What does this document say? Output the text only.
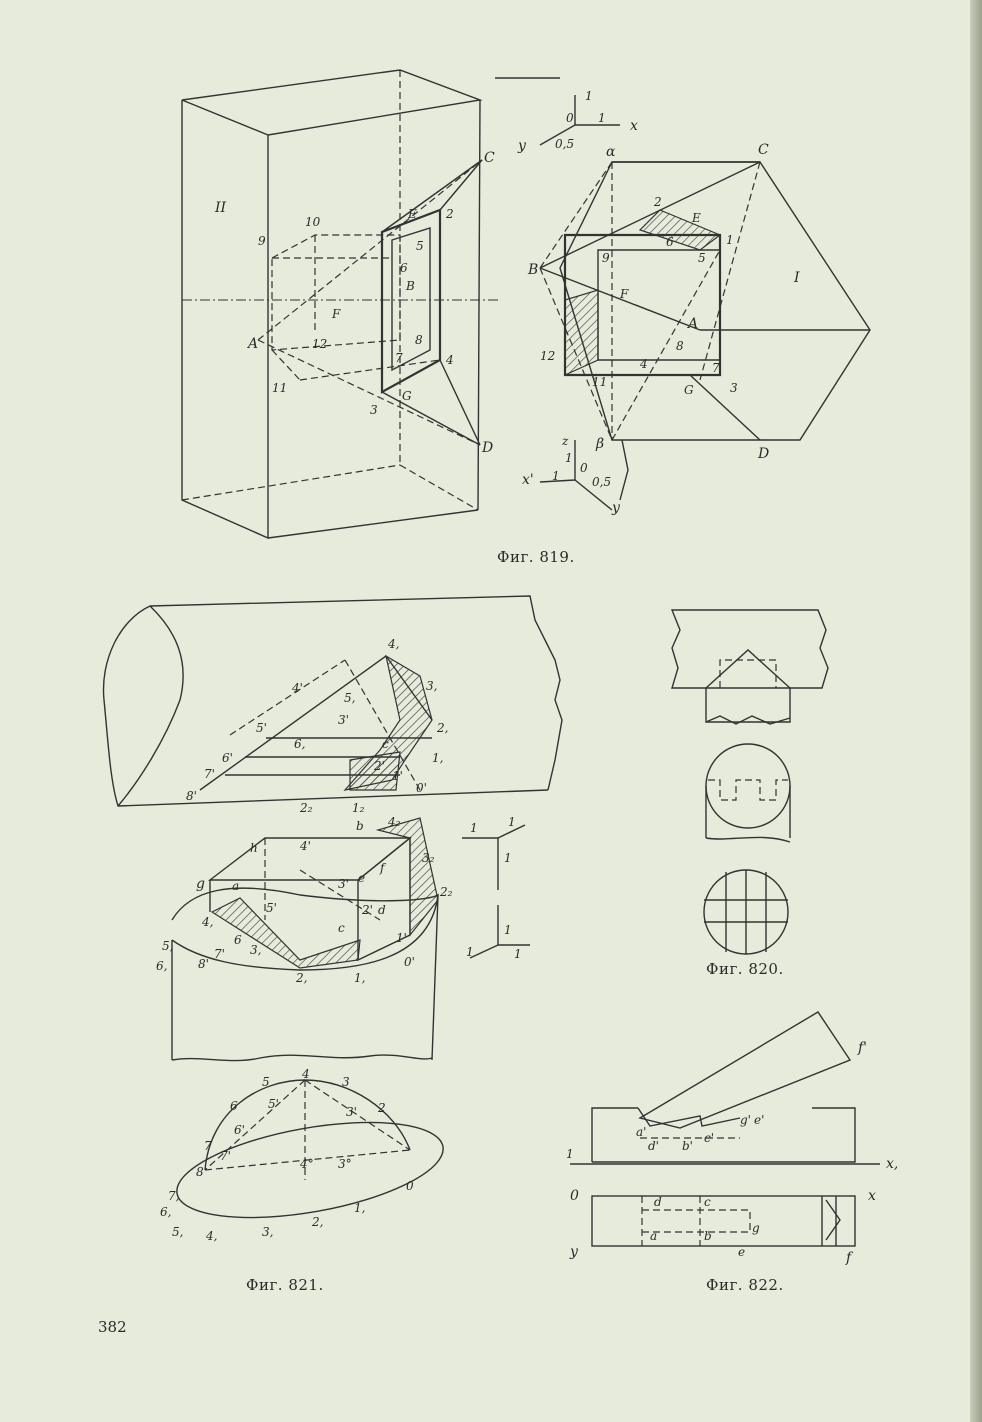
II
I
0
1
1
y
x
0,5
z
1
x' 1
0
0,5
y
9
10
E 2
C
5
6
B
F
A	12	8
7	4
11
G
3
D
α	C
2
E
1
6
B
9	5
F
A
8
12
11
4
G
7
3
D
β
4,
3,
4'
5,
5'
3'
2,
c
6'
6,
1,
2'
7'
8'
1'
0'
2₂	1₂
b 4₂
h	4'
3₂
g a
e
f
3'
2₂
5'	d
2'
4,	c
1'
6
3,
5,
8'
7'
0'
6,
2,	1,
5
4
3
6	5'
3' 2
6'
7
7'
8
4° 3°
0
7,
6,
5, 4,	3,
2,
1,
1	1
1
1
1	1
f'
a'
d' b'
c'
g' e'
1
x,
0	x
d	c
a	b
g
e
y	f
Фиг. 819.
Фиг. 820.
Фиг. 821.	Фиг. 822.
382
